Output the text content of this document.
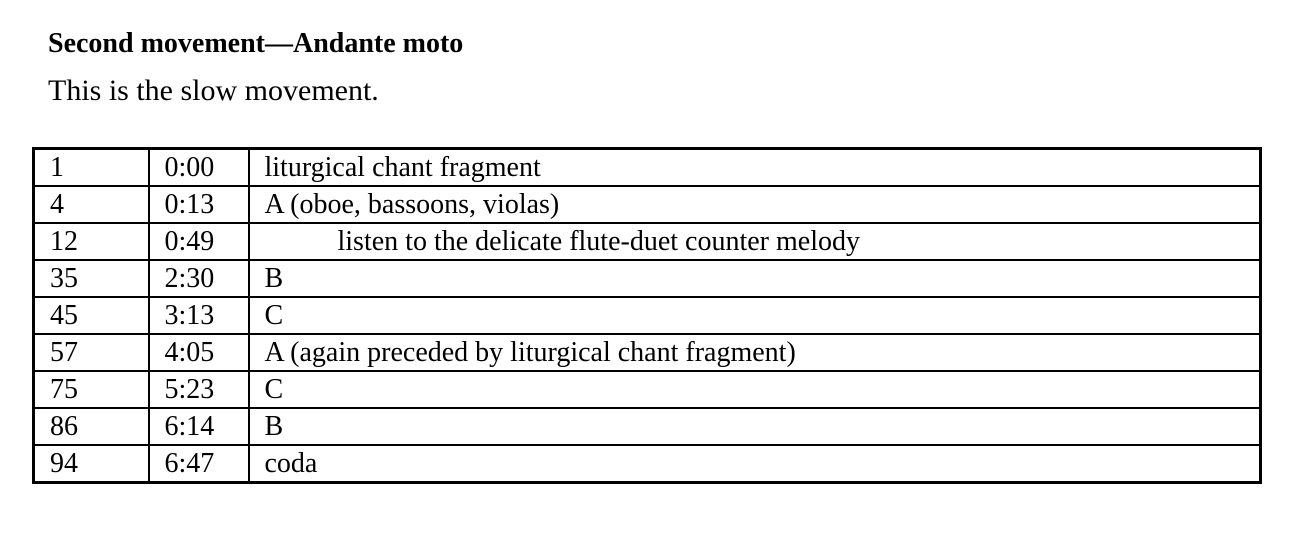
Second movement—Andante moto
This is the slow movement.
1	0:00	liturgical chant fragment
4	0:13	A (oboe, bassoons, violas)
12	0:49	listen to the delicate flute-duet counter melody
35	2:30	B
45	3:13	C
57	4:05	A (again preceded by liturgical chant fragment)
75	5:23	C
86	6:14	B
94	6:47	coda
